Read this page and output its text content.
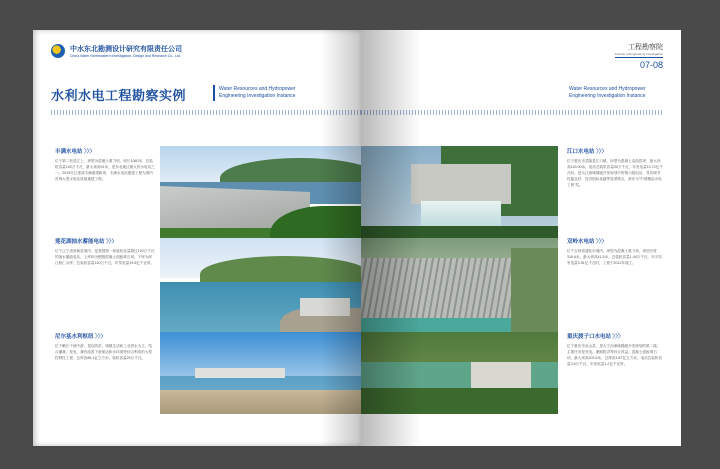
中水东北勘测设计研究有限责任公司
China Water Northeastern Investigation, Design and Research Co., Ltd.
水利水电工程勘察实例	Water Resources and Hydropower
Engineering Investigation Instance
丰满水电站 〉〉〉
位于第二松花江上，坝型为混凝土重力坝，坝长1080米，总装机容量100万千瓦，最大坝高91米，是东北地区最大的水电站之一。2019年已建成丰满重建新坝，丰满水电站重建工程为国内首例大型水电站原地重建工程。
莲花湖抽水蓄能电站 〉〉〉
位于辽宁省宽甸县境内，是我国第一座装机容量超过120万千瓦的抽水蓄能电站，上库坝为钢筋混凝土面板堆石坝，下库为浑江桓仁水库，总装机容量120万千瓦，年发电量19.5亿千瓦时。
尼尔基水利枢纽 〉〉〉
位于嫩江干流中游，是以防洪、城镇生活和工业供水为主，结合灌溉、发电，兼有改善下游航运和水环境等综合利用的大型控制性工程，总库容86.1亿立方米，装机容量25万千瓦。
工程勘察院
Institute of Engineering Investigation
07-08
Water Resources and Hydropower
Engineering Investigation Instance
江口水电站 〉〉〉
位于重庆市武隆县江口镇，坝型为混凝土双曲拱坝，最大坝高140.00米，电站总装机容量30万千瓦，年发电量10.72亿千瓦时。是乌江流域梯级开发规划中的第六级电站，具有调节性能良好、经济指标优越等显著特点，被评为"中国精品水电工程"奖。
双岭水电站 〉〉〉
位于吉林省通化市境内，坝型为混凝土重力坝，坝顶长度316.6米，最大坝高41.5米，总装机容量1.44万千瓦，年平均发电量0.51亿千瓦时，工程于2012年竣工。
重庆渡子口水电站 〉〉〉
位于重庆市巫山县，是大宁河流域梯级开发规划的第二级，主要任务是发电，兼顾防洪等综合效益。混凝土面板堆石坝，最大坝高103.5米，总库容1.87亿立方米，电站总装机容量3.6万千瓦，年发电量1.2亿千瓦时。
